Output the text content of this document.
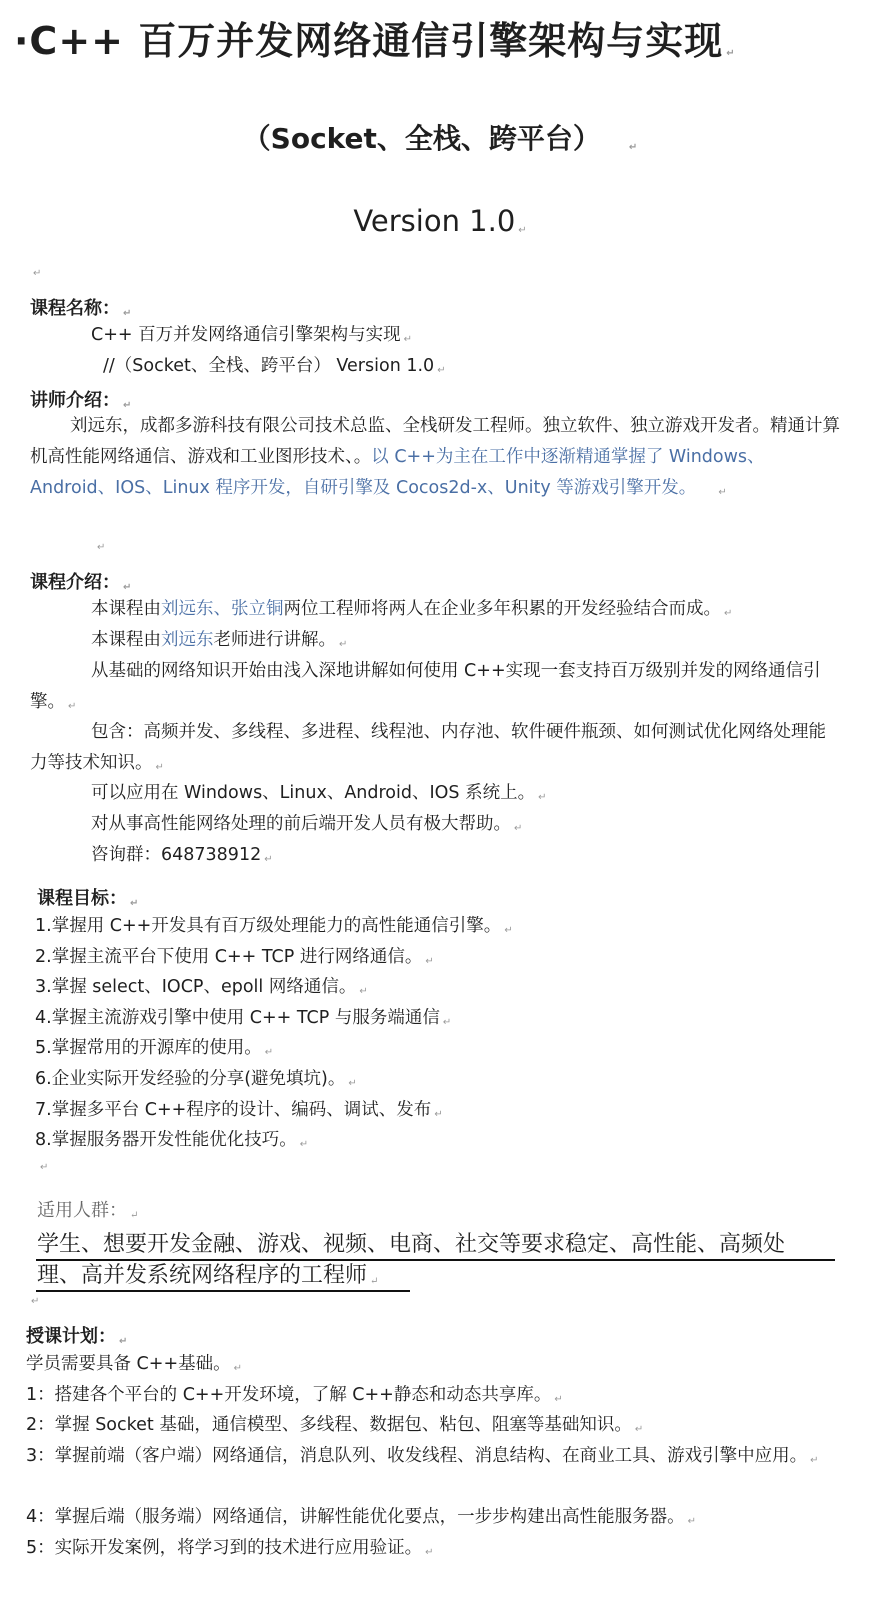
·C++ 百万并发网络通信引擎架构与实现 ↵
（Socket、全栈、跨平台）	↵
Version 1.0 ↵
↵
课程名称： ↵
C++ 百万并发网络通信引擎架构与实现 ↵
//（Socket、全栈、跨平台） Version 1.0 ↵
讲师介绍： ↵
刘远东，成都多游科技有限公司技术总监、全栈研发工程师。独立软件、独立游戏开发者。精通计算机高性能网络通信、游戏和工业图形技术、。以 C++为主在工作中逐渐精通掌握了 Windows、Android、IOS、Linux 程序开发，自研引擎及 Cocos2d-x、Unity 等游戏引擎开发。 ↵
↵
课程介绍： ↵
本课程由刘远东、张立铜两位工程师将两人在企业多年积累的开发经验结合而成。 ↵
本课程由刘远东老师进行讲解。 ↵
从基础的网络知识开始由浅入深地讲解如何使用 C++实现一套支持百万级别并发的网络通信引擎。 ↵
包含：高频并发、多线程、多进程、线程池、内存池、软件硬件瓶颈、如何测试优化网络处理能力等技术知识。 ↵
可以应用在 Windows、Linux、Android、IOS 系统上。 ↵
对从事高性能网络处理的前后端开发人员有极大帮助。 ↵
咨询群：648738912 ↵
课程目标： ↵
1.掌握用 C++开发具有百万级处理能力的高性能通信引擎。 ↵
2.掌握主流平台下使用 C++ TCP 进行网络通信。 ↵
3.掌握 select、IOCP、epoll 网络通信。 ↵
4.掌握主流游戏引擎中使用 C++ TCP 与服务端通信 ↵
5.掌握常用的开源库的使用。 ↵
6.企业实际开发经验的分享(避免填坑)。 ↵
7.掌握多平台 C++程序的设计、编码、调试、发布 ↵
8.掌握服务器开发性能优化技巧。 ↵
↵
适用人群： ↵
学生、想要开发金融、游戏、视频、电商、社交等要求稳定、高性能、高频处
理、高并发系统网络程序的工程师 ↵
↵
授课计划： ↵
学员需要具备 C++基础。 ↵
1：搭建各个平台的 C++开发环境，了解 C++静态和动态共享库。 ↵
2：掌握 Socket 基础，通信模型、多线程、数据包、粘包、阻塞等基础知识。 ↵
3：掌握前端（客户端）网络通信，消息队列、收发线程、消息结构、在商业工具、游戏引擎中应用。 ↵
4：掌握后端（服务端）网络通信，讲解性能优化要点，一步步构建出高性能服务器。 ↵
5：实际开发案例，将学习到的技术进行应用验证。 ↵
